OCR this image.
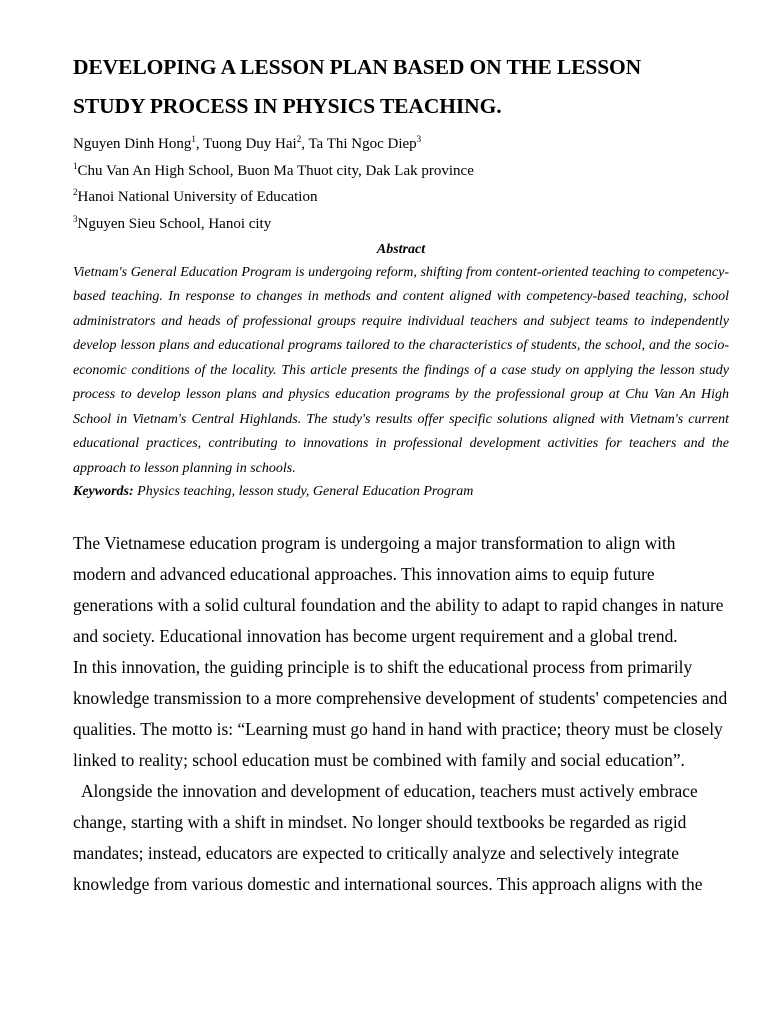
DEVELOPING A LESSON PLAN BASED ON THE LESSON
STUDY PROCESS IN PHYSICS TEACHING.
Nguyen Dinh Hong$^1$, Tuong Duy Hai$^2$, Ta Thi Ngoc Diep$^3$
$^1$Chu Van An High School, Buon Ma Thuot city, Dak Lak province
$^2$Hanoi National University of Education
$^3$Nguyen Sieu School, Hanoi city
Abstract
Vietnam's General Education Program is undergoing reform, shifting from content-oriented teaching to competency-based teaching. In response to changes in methods and content aligned with competency-based teaching, school administrators and heads of professional groups require individual teachers and subject teams to independently develop lesson plans and educational programs tailored to the characteristics of students, the school, and the socio-economic conditions of the locality. This article presents the findings of a case study on applying the lesson study process to develop lesson plans and physics education programs by the professional group at Chu Van An High School in Vietnam's Central Highlands. The study's results offer specific solutions aligned with Vietnam's current educational practices, contributing to innovations in professional development activities for teachers and the approach to lesson planning in schools.
Keywords: Physics teaching, lesson study, General Education Program

The Vietnamese education program is undergoing a major transformation to align with modern and advanced educational approaches. This innovation aims to equip future generations with a solid cultural foundation and the ability to adapt to rapid changes in nature and society. Educational innovation has become urgent requirement and a global trend.

In this innovation, the guiding principle is to shift the educational process from primarily knowledge transmission to a more comprehensive development of students' competencies and qualities. The motto is: “Learning must go hand in hand with practice; theory must be closely linked to reality; school education must be combined with family and social education”.

Alongside the innovation and development of education, teachers must actively embrace change, starting with a shift in mindset. No longer should textbooks be regarded as rigid mandates; instead, educators are expected to critically analyze and selectively integrate knowledge from various domestic and international sources. This approach aligns with the
